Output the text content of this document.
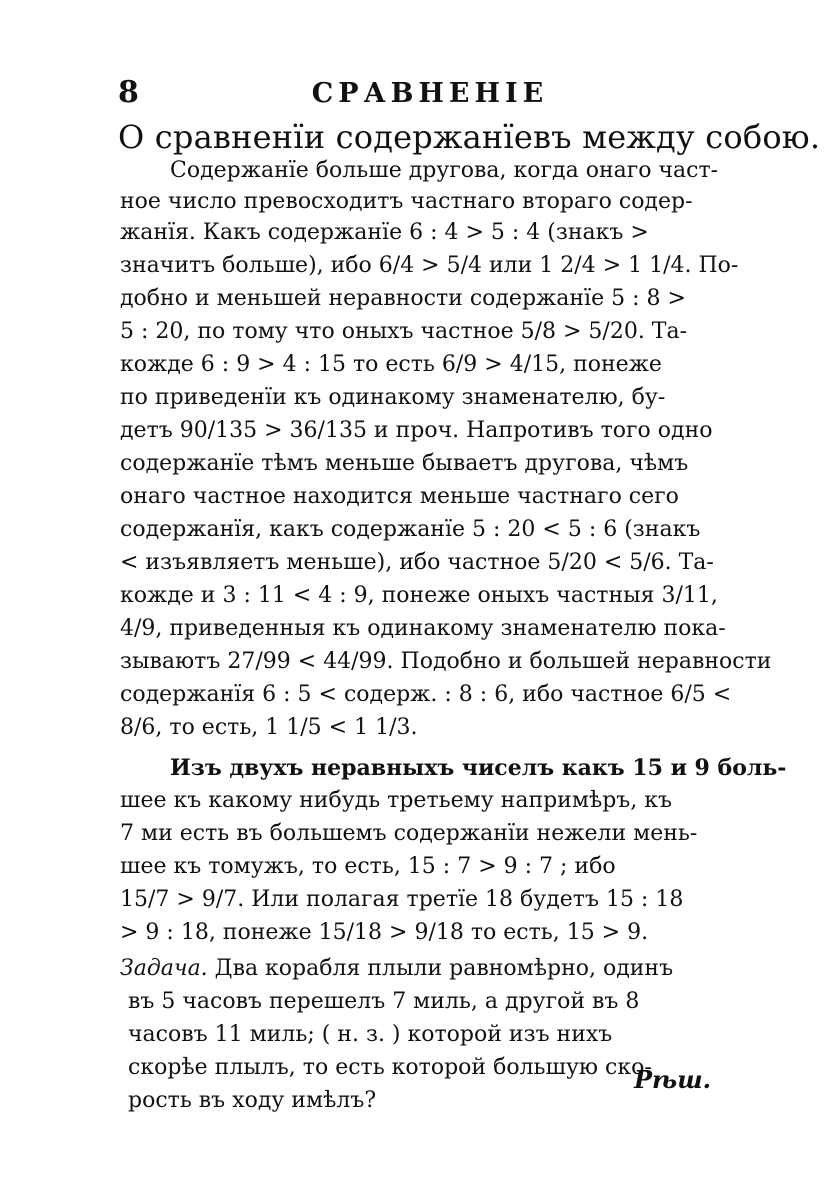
8	СРАВНЕНІЕ
О сравненїи содержанїевъ между собою.
Содержанїе больше другова, когда онаго част-
ное число превосходитъ частнаго втораго содер-
жанїя. Какъ содержанїе 6 : 4 > 5 : 4 (знакъ >
значитъ больше), ибо 6/4 > 5/4 или 1 2/4 > 1 1/4. По-
добно и меньшей неравности содержанїе 5 : 8 >
5 : 20, по тому что оныхъ частное 5/8 > 5/20. Та-
кожде 6 : 9 > 4 : 15 то есть 6/9 > 4/15, понеже
по приведенїи къ одинакому знаменателю, бу-
детъ 90/135 > 36/135 и проч. Напротивъ того одно
содержанїе тѣмъ меньше бываетъ другова, чѣмъ
онаго частное находится меньше частнаго сего
содержанїя, какъ содержанїе 5 : 20 < 5 : 6 (знакъ
< изъявляетъ меньше), ибо частное 5/20 < 5/6. Та-
кожде и 3 : 11 < 4 : 9, понеже оныхъ частныя 3/11,
4/9, приведенныя къ одинакому знаменателю пока-
зываютъ 27/99 < 44/99. Подобно и большей неравности
содержанїя 6 : 5 < содерж. : 8 : 6, ибо частное 6/5 <
8/6, то есть, 1 1/5 < 1 1/3.
Изъ двухъ неравныхъ чиселъ какъ 15 и 9 боль-
шее къ какому нибудь третьему напримѣръ, къ
7 ми есть въ большемъ содержанїи нежели мень-
шее къ томужъ, то есть, 15 : 7 > 9 : 7 ; ибо
15/7 > 9/7. Или полагая третїе 18 будетъ 15 : 18
> 9 : 18, понеже 15/18 > 9/18 то есть, 15 > 9.
Задача. Два корабля плыли равномѣрно, одинъ
въ 5 часовъ перешелъ 7 миль, а другой въ 8
часовъ 11 миль; ( н. з. ) которой изъ нихъ
скорѣе плылъ, то есть которой большую ско-
рость въ ходу имѣлъ?
Рѣш.
